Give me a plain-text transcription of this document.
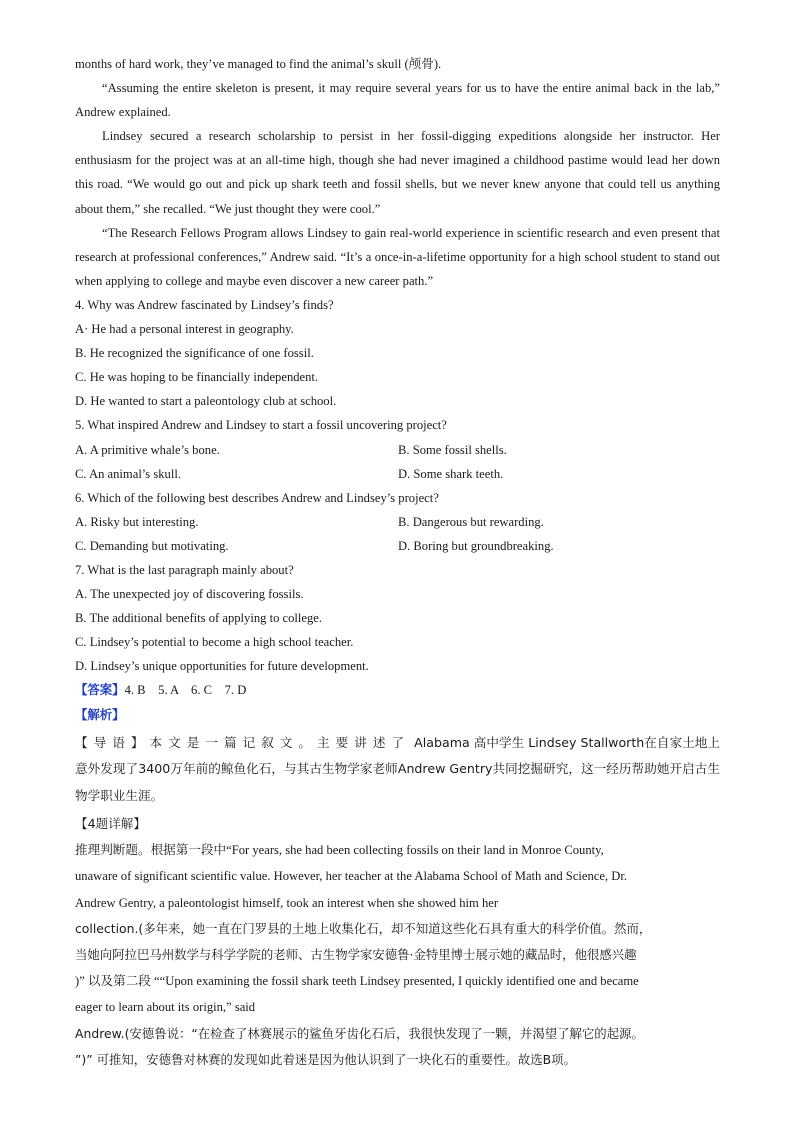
months of hard work, they’ve managed to find the animal’s skull (颅骨).

“Assuming the entire skeleton is present, it may require several years for us to have the entire animal back in the lab,” Andrew explained.

Lindsey secured a research scholarship to persist in her fossil-digging expeditions alongside her instructor. Her enthusiasm for the project was at an all-time high, though she had never imagined a childhood pastime would lead her down this road. “We would go out and pick up shark teeth and fossil shells, but we never knew anyone that could tell us anything about them,” she recalled. “We just thought they were cool.”

“The Research Fellows Program allows Lindsey to gain real-world experience in scientific research and even present that research at professional conferences,” Andrew said. “It’s a once-in-a-lifetime opportunity for a high school student to stand out when applying to college and maybe even discover a new career path.”

4. Why was Andrew fascinated by Lindsey’s finds?

A· He had a personal interest in geography.

B. He recognized the significance of one fossil.

C. He was hoping to be financially independent.

D. He wanted to start a paleontology club at school.

5. What inspired Andrew and Lindsey to start a fossil uncovering project?

A. A primitive whale’s bone.	B. Some fossil shells.
C. An animal’s skull.	D. Some shark teeth.

6. Which of the following best describes Andrew and Lindsey’s project?

A. Risky but interesting.	B. Dangerous but rewarding.
C. Demanding but motivating.	D. Boring but groundbreaking.

7. What is the last paragraph mainly about?

A. The unexpected joy of discovering fossils.

B. The additional benefits of applying to college.

C. Lindsey’s potential to become a high school teacher.

D. Lindsey’s unique opportunities for future development.

【答案】4. B    5. A    6. C    7. D

【解析】

【导语】本文是一篇记叙文。主要讲述了 Alabama 高中学生 Lindsey Stallworth在自家土地上意外发现了3400万年前的鲸鱼化石，与其古生物学家老师Andrew Gentry共同挖掘研究，这一经历帮助她开启古生物学职业生涯。

【4题详解】

推理判断题。根据第一段中“For years, she had been collecting fossils on their land in Monroe County,
unaware of significant scientific value. However, her teacher at the Alabama School of Math and Science, Dr.
Andrew Gentry, a paleontologist himself, took an interest when she showed him her
collection.(多年来，她一直在门罗县的土地上收集化石，却不知道这些化石具有重大的科学价值。然而，
当她向阿拉巴马州数学与科学学院的老师、古生物学家安德鲁·金特里博士展示她的藏品时，他很感兴趣
)” 以及第二段 ““Upon examining the fossil shark teeth Lindsey presented, I quickly identified one and became
eager to learn about its origin,” said
Andrew.(安德鲁说：“在检查了林赛展示的鲨鱼牙齿化石后，我很快发现了一颗，并渴望了解它的起源。
”)” 可推知，安德鲁对林赛的发现如此着迷是因为他认识到了一块化石的重要性。故选B项。
